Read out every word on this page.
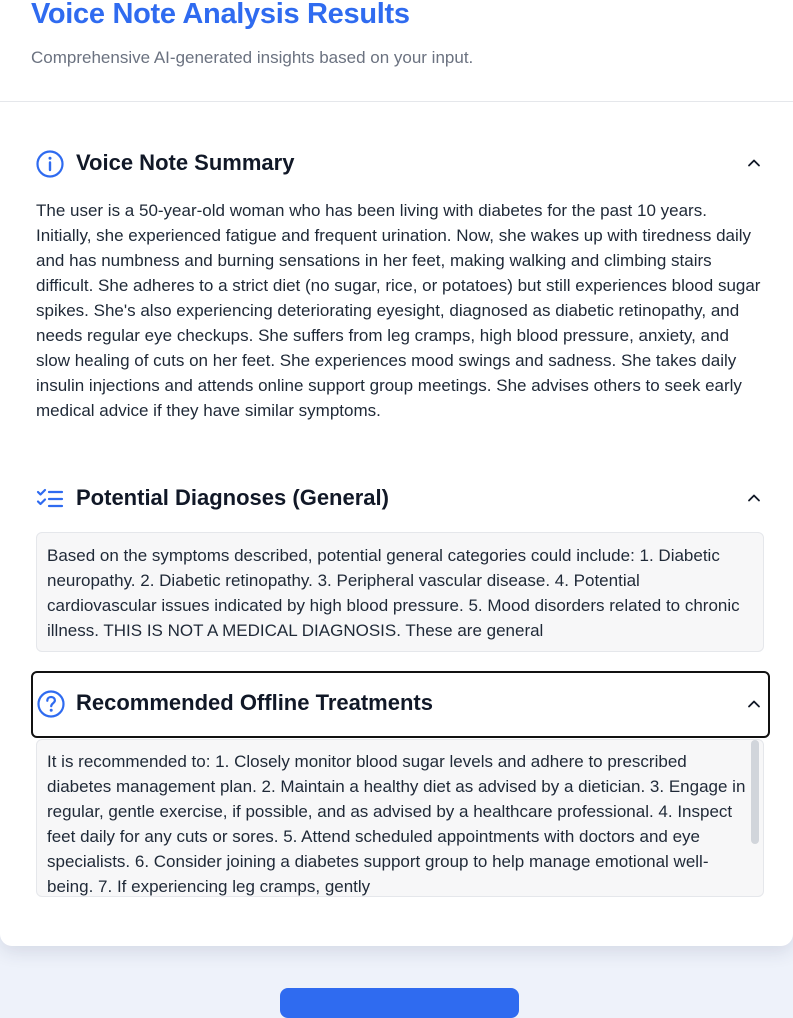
Voice Note Analysis Results

Comprehensive AI-generated insights based on your input.

Voice Note Summary

The user is a 50-year-old woman who has been living with diabetes for the past 10 years. Initially, she experienced fatigue and frequent urination. Now, she wakes up with tiredness daily and has numbness and burning sensations in her feet, making walking and climbing stairs difficult. She adheres to a strict diet (no sugar, rice, or potatoes) but still experiences blood sugar spikes. She's also experiencing deteriorating eyesight, diagnosed as diabetic retinopathy, and needs regular eye checkups. She suffers from leg cramps, high blood pressure, anxiety, and slow healing of cuts on her feet. She experiences mood swings and sadness. She takes daily insulin injections and attends online support group meetings. She advises others to seek early medical advice if they have similar symptoms.

Potential Diagnoses (General)

Based on the symptoms described, potential general categories could include: 1. Diabetic neuropathy. 2. Diabetic retinopathy. 3. Peripheral vascular disease. 4. Potential cardiovascular issues indicated by high blood pressure. 5. Mood disorders related to chronic illness. THIS IS NOT A MEDICAL DIAGNOSIS. These are general

Recommended Offline Treatments

It is recommended to: 1. Closely monitor blood sugar levels and adhere to prescribed diabetes management plan. 2. Maintain a healthy diet as advised by a dietician. 3. Engage in regular, gentle exercise, if possible, and as advised by a healthcare professional. 4. Inspect feet daily for any cuts or sores. 5. Attend scheduled appointments with doctors and eye specialists. 6. Consider joining a diabetes support group to help manage emotional well-being. 7. If experiencing leg cramps, gently
